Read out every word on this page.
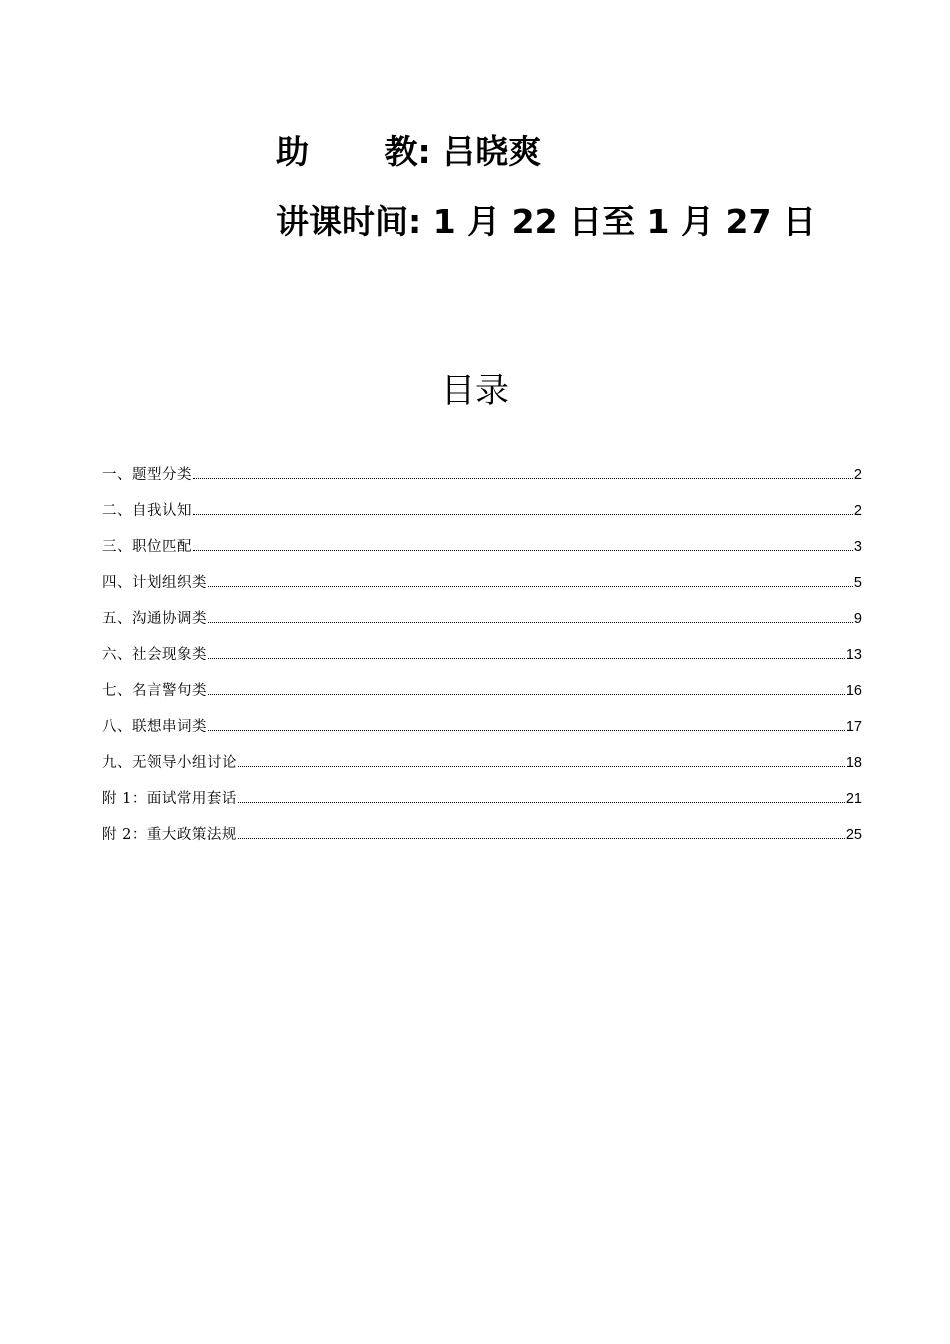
助 教: 吕晓爽
讲课时间: 1 月 22 日至 1 月 27 日
目录
一、题型分类	2
二、自我认知	2
三、职位匹配	3
四、计划组织类	5
五、沟通协调类	9
六、社会现象类	13
七、名言警句类	16
八、联想串词类	17
九、无领导小组讨论	18
附 1：面试常用套话	21
附 2：重大政策法规	25
